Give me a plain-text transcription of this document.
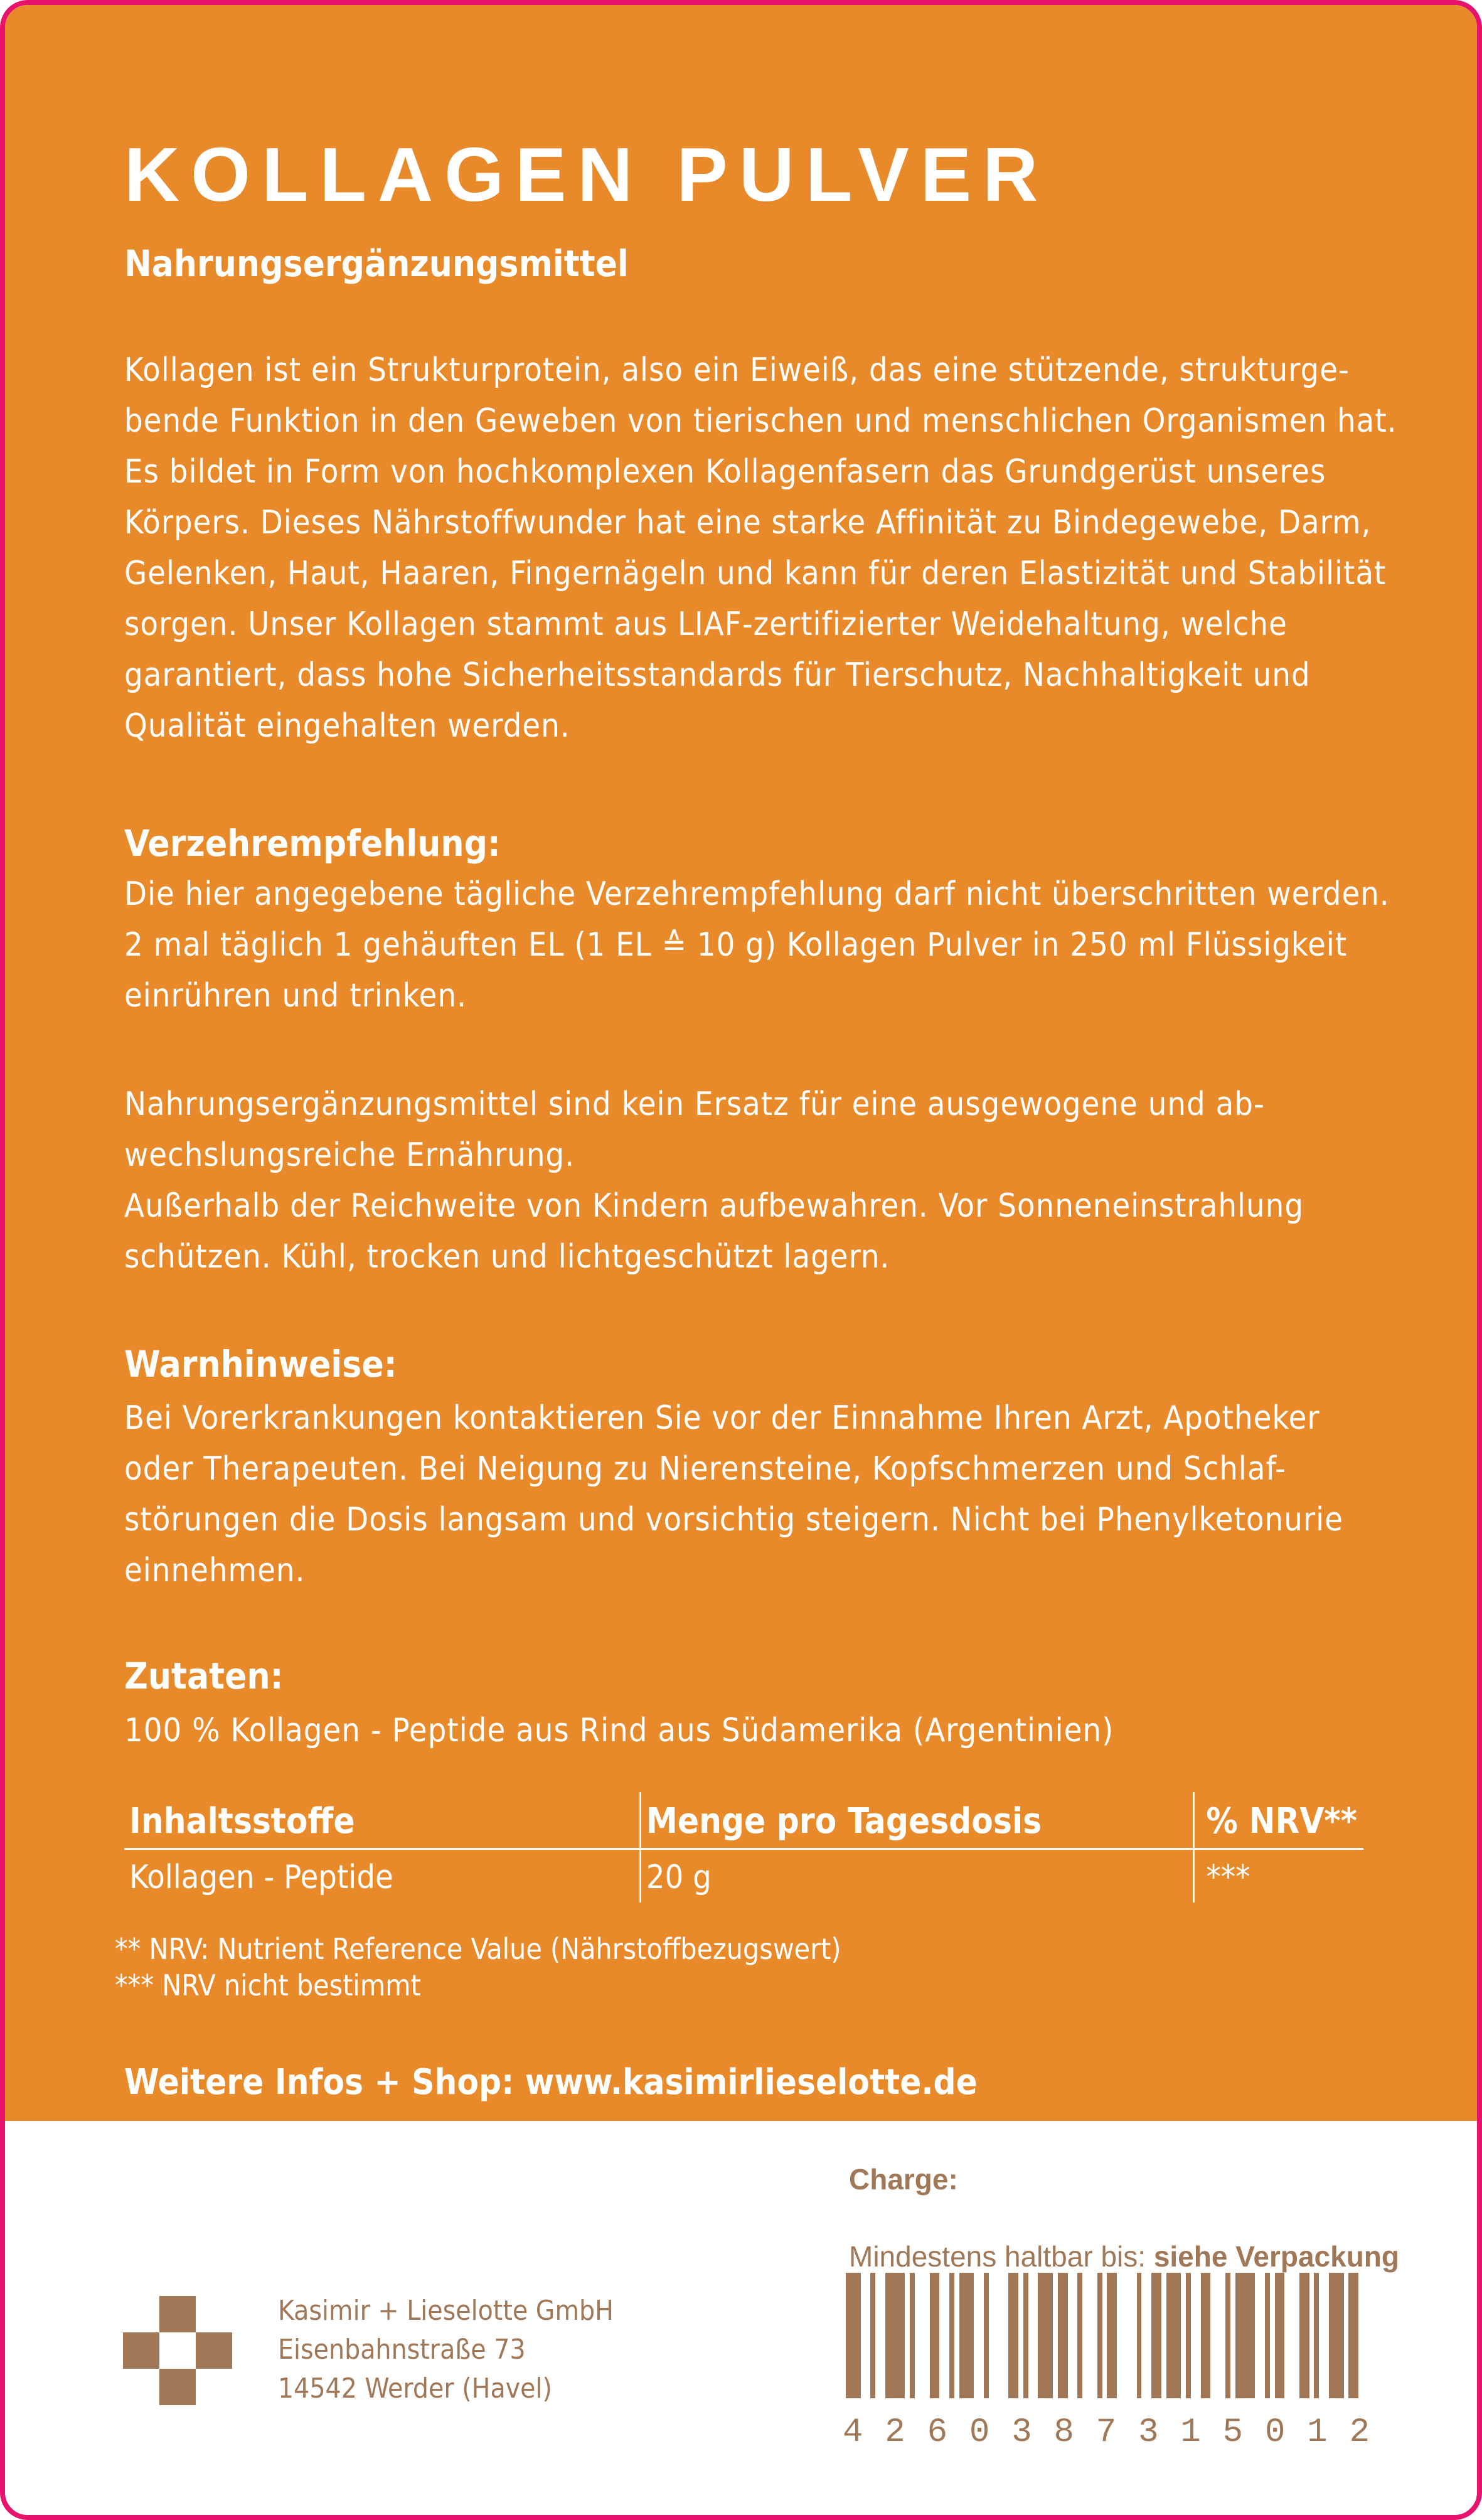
KOLLAGEN PULVER

Nahrungsergänzungsmittel

Kollagen ist ein Strukturprotein, also ein Eiweiß, das eine stützende, strukturge-
bende Funktion in den Geweben von tierischen und menschlichen Organismen hat.
Es bildet in Form von hochkomplexen Kollagenfasern das Grundgerüst unseres
Körpers. Dieses Nährstoffwunder hat eine starke Affinität zu Bindegewebe, Darm,
Gelenken, Haut, Haaren, Fingernägeln und kann für deren Elastizität und Stabilität
sorgen. Unser Kollagen stammt aus LIAF-zertifizierter Weidehaltung, welche
garantiert, dass hohe Sicherheitsstandards für Tierschutz, Nachhaltigkeit und
Qualität eingehalten werden.

Verzehrempfehlung:

Die hier angegebene tägliche Verzehrempfehlung darf nicht überschritten werden.
2 mal täglich 1 gehäuften EL (1 EL ≙ 10 g) Kollagen Pulver in 250 ml Flüssigkeit
einrühren und trinken.

Nahrungsergänzungsmittel sind kein Ersatz für eine ausgewogene und ab-
wechslungsreiche Ernährung.
Außerhalb der Reichweite von Kindern aufbewahren. Vor Sonneneinstrahlung
schützen. Kühl, trocken und lichtgeschützt lagern.

Warnhinweise:

Bei Vorerkrankungen kontaktieren Sie vor der Einnahme Ihren Arzt, Apotheker
oder Therapeuten. Bei Neigung zu Nierensteine, Kopfschmerzen und Schlaf-
störungen die Dosis langsam und vorsichtig steigern. Nicht bei Phenylketonurie
einnehmen.

Zutaten:

100 % Kollagen - Peptide aus Rind aus Südamerika (Argentinien)

Inhaltsstoffe	Menge pro Tagesdosis	% NRV**
Kollagen - Peptide	20 g	***

** NRV: Nutrient Reference Value (Nährstoffbezugswert)

*** NRV nicht bestimmt

Weitere Infos + Shop: www.kasimirlieselotte.de

Kasimir + Lieselotte GmbH
Eisenbahnstraße 73
14542 Werder (Havel)

Charge:

Mindestens haltbar bis: siehe Verpackung

4 2 6 0 3 8 7 3 1 5 0 1 2
